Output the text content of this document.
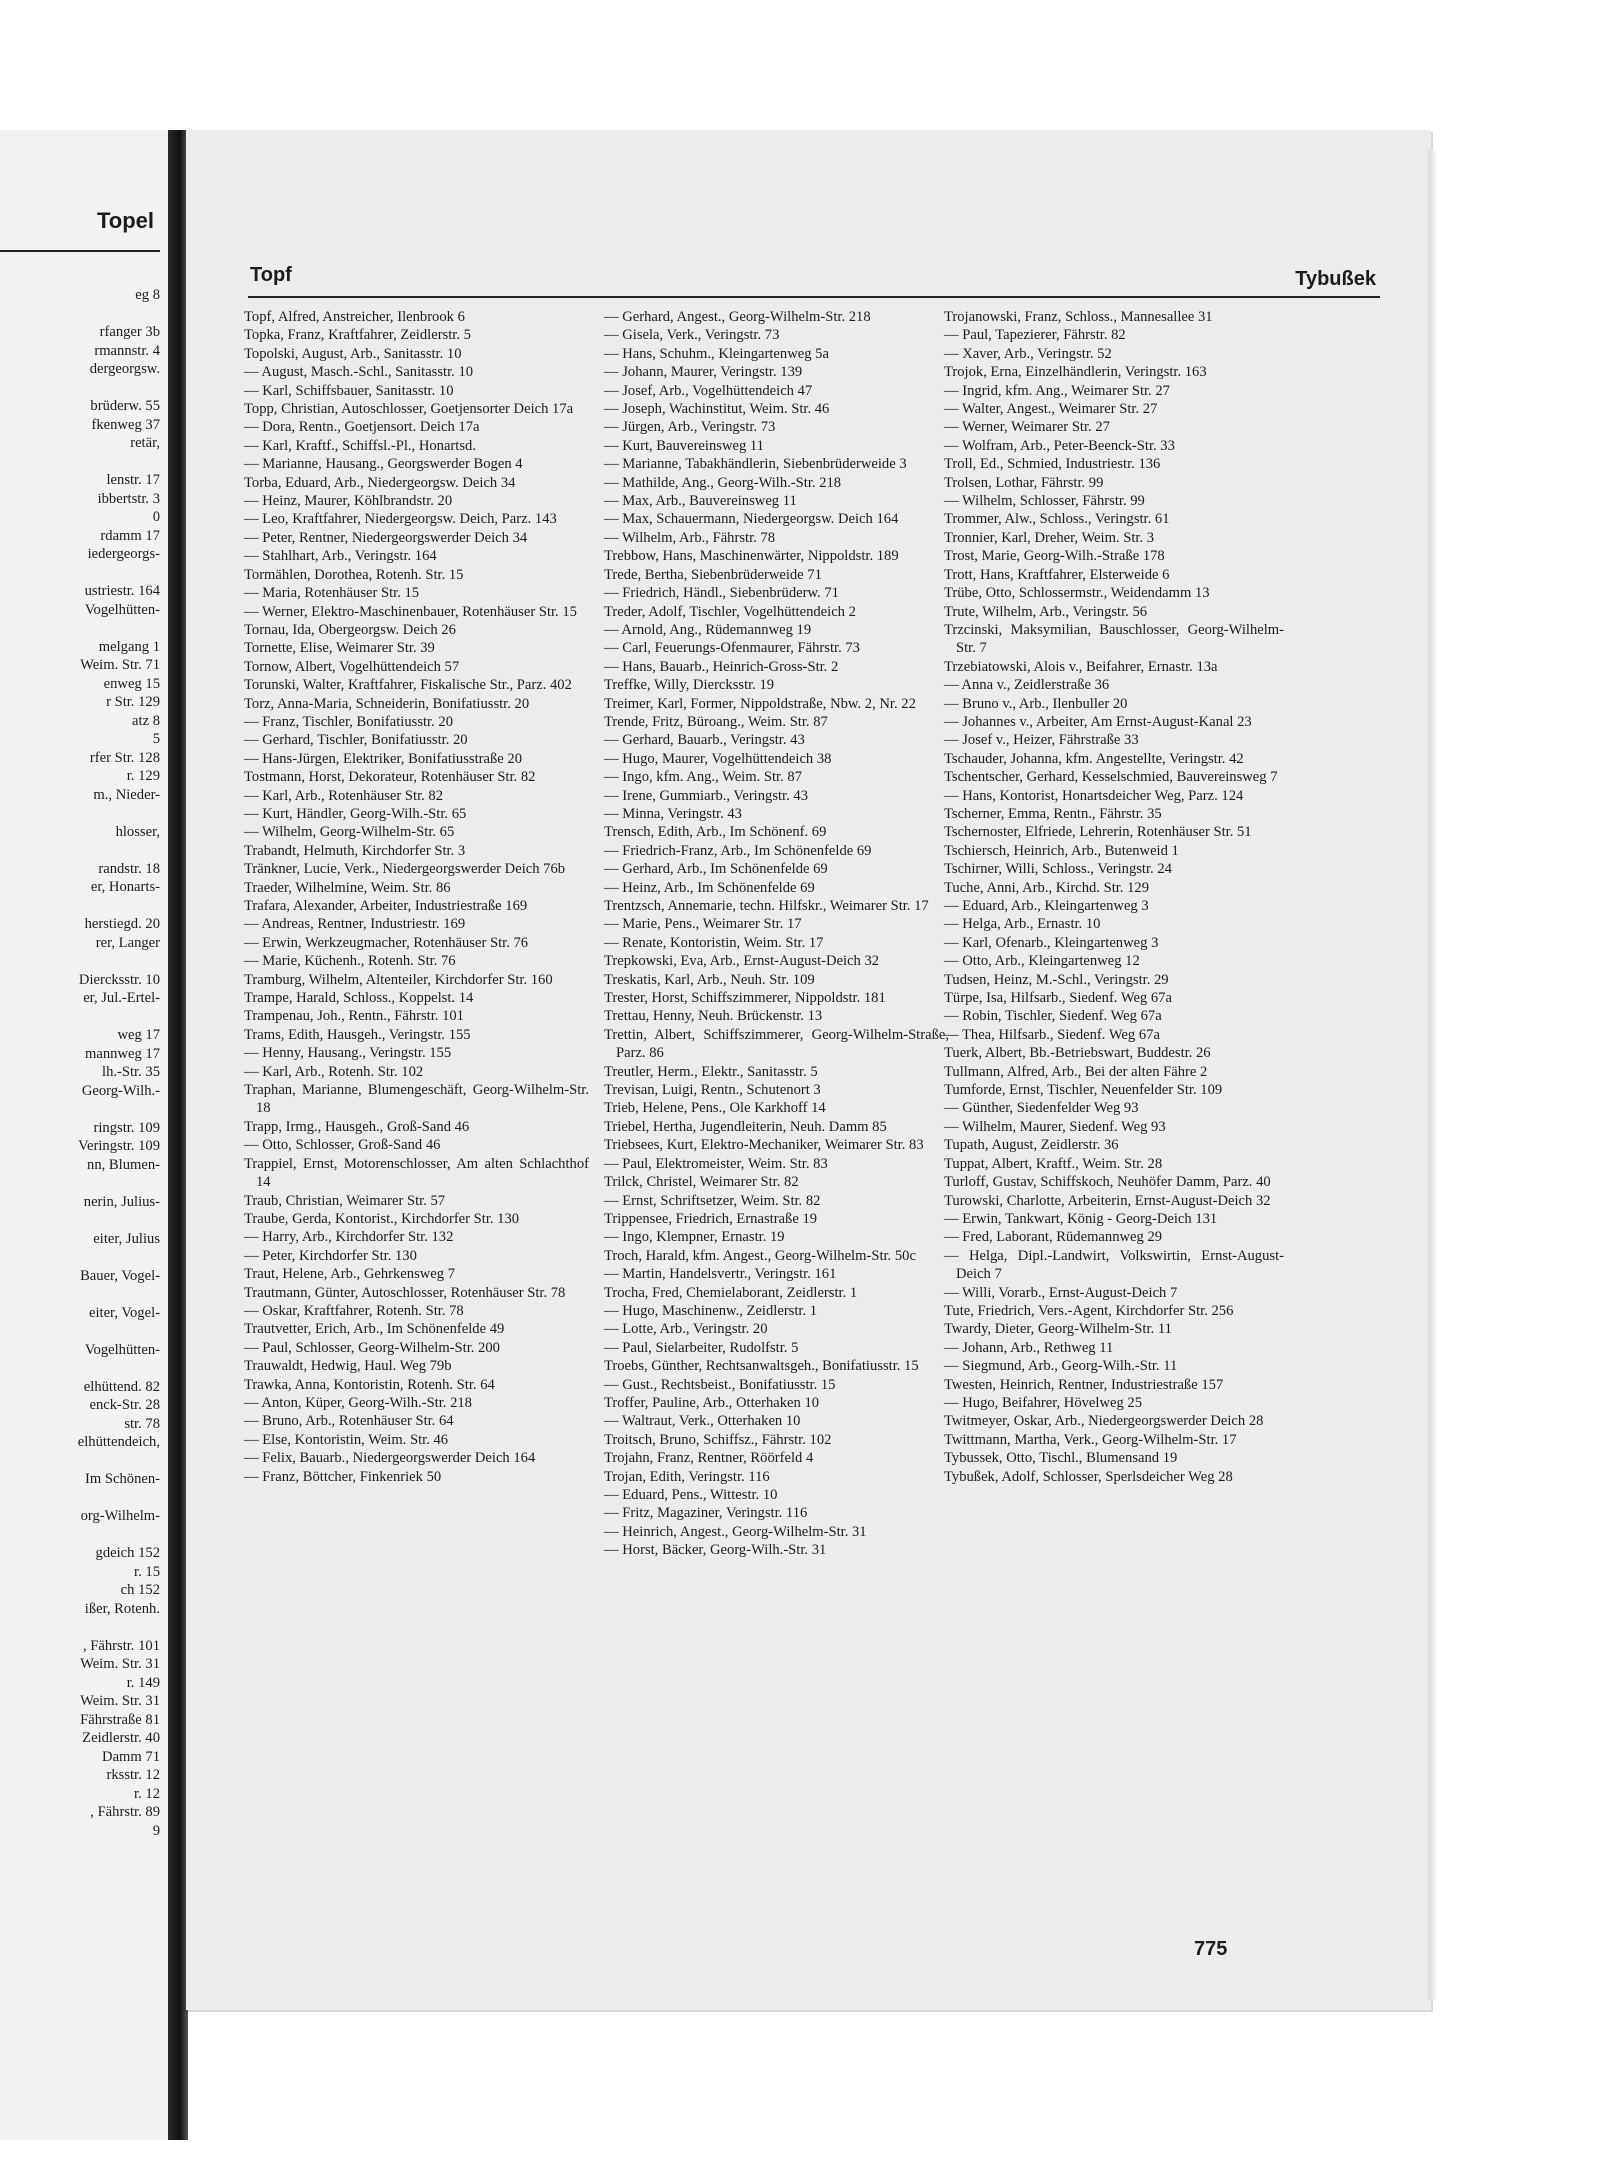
Topel
eg 8

rfanger 3b
rmannstr. 4
dergeorgsw.

brüderw. 55
fkenweg 37
retär,

lenstr. 17
ibbertstr. 3
0
rdamm 17
iedergeorgs-

ustriestr. 164
Vogelhütten-

melgang 1
Weim. Str. 71
enweg 15
r Str. 129
atz 8
5
rfer Str. 128
r. 129
m., Nieder-

hlosser,

randstr. 18
er, Honarts-

herstiegd. 20
rer, Langer

Diercksstr. 10
er, Jul.-Ertel-

weg 17
mannweg 17
lh.-Str. 35
Georg-Wilh.-

ringstr. 109
Veringstr. 109
nn, Blumen-

nerin, Julius-

eiter, Julius

Bauer, Vogel-

eiter, Vogel-

Vogelhütten-

elhüttend. 82
enck-Str. 28
str. 78
elhüttendeich,

Im Schönen-

org-Wilhelm-

gdeich 152
r. 15
ch 152
ißer, Rotenh.

, Fährstr. 101
Weim. Str. 31
r. 149
Weim. Str. 31
Fährstraße 81
Zeidlerstr. 40
Damm 71
rksstr. 12
r. 12
, Fährstr. 89
9
Topf	Tybußek
Topf, Alfred, Anstreicher, Ilenbrook 6
Topka, Franz, Kraftfahrer, Zeidlerstr. 5
Topolski, August, Arb., Sanitasstr. 10
— August, Masch.-Schl., Sanitasstr. 10
— Karl, Schiffsbauer, Sanitasstr. 10
Topp, Christian, Autoschlosser, Goetjensorter Deich 17a
— Dora, Rentn., Goetjensort. Deich 17a
— Karl, Kraftf., Schiffsl.-Pl., Honartsd.
— Marianne, Hausang., Georgswerder Bogen 4
Torba, Eduard, Arb., Niedergeorgsw. Deich 34
— Heinz, Maurer, Köhlbrandstr. 20
— Leo, Kraftfahrer, Niedergeorgsw. Deich, Parz. 143
— Peter, Rentner, Niedergeorgswerder Deich 34
— Stahlhart, Arb., Veringstr. 164
Tormählen, Dorothea, Rotenh. Str. 15
— Maria, Rotenhäuser Str. 15
— Werner, Elektro-Maschinenbauer, Rotenhäuser Str. 15
Tornau, Ida, Obergeorgsw. Deich 26
Tornette, Elise, Weimarer Str. 39
Tornow, Albert, Vogelhüttendeich 57
Torunski, Walter, Kraftfahrer, Fiskalische Str., Parz. 402
Torz, Anna-Maria, Schneiderin, Bonifatiusstr. 20
— Franz, Tischler, Bonifatiusstr. 20
— Gerhard, Tischler, Bonifatiusstr. 20
— Hans-Jürgen, Elektriker, Bonifatiusstraße 20
Tostmann, Horst, Dekorateur, Rotenhäuser Str. 82
— Karl, Arb., Rotenhäuser Str. 82
— Kurt, Händler, Georg-Wilh.-Str. 65
— Wilhelm, Georg-Wilhelm-Str. 65
Trabandt, Helmuth, Kirchdorfer Str. 3
Tränkner, Lucie, Verk., Niedergeorgswerder Deich 76b
Traeder, Wilhelmine, Weim. Str. 86
Trafara, Alexander, Arbeiter, Industriestraße 169
— Andreas, Rentner, Industriestr. 169
— Erwin, Werkzeugmacher, Rotenhäuser Str. 76
— Marie, Küchenh., Rotenh. Str. 76
Tramburg, Wilhelm, Altenteiler, Kirchdorfer Str. 160
Trampe, Harald, Schloss., Koppelst. 14
Trampenau, Joh., Rentn., Fährstr. 101
Trams, Edith, Hausgeh., Veringstr. 155
— Henny, Hausang., Veringstr. 155
— Karl, Arb., Rotenh. Str. 102
Traphan, Marianne, Blumengeschäft, Georg-Wilhelm-Str. 18
Trapp, Irmg., Hausgeh., Groß-Sand 46
— Otto, Schlosser, Groß-Sand 46
Trappiel, Ernst, Motorenschlosser, Am alten Schlachthof 14
Traub, Christian, Weimarer Str. 57
Traube, Gerda, Kontorist., Kirchdorfer Str. 130
— Harry, Arb., Kirchdorfer Str. 132
— Peter, Kirchdorfer Str. 130
Traut, Helene, Arb., Gehrkensweg 7
Trautmann, Günter, Autoschlosser, Rotenhäuser Str. 78
— Oskar, Kraftfahrer, Rotenh. Str. 78
Trautvetter, Erich, Arb., Im Schönenfelde 49
— Paul, Schlosser, Georg-Wilhelm-Str. 200
Trauwaldt, Hedwig, Haul. Weg 79b
Trawka, Anna, Kontoristin, Rotenh. Str. 64
— Anton, Küper, Georg-Wilh.-Str. 218
— Bruno, Arb., Rotenhäuser Str. 64
— Else, Kontoristin, Weim. Str. 46
— Felix, Bauarb., Niedergeorgswerder Deich 164
— Franz, Böttcher, Finkenriek 50
— Gerhard, Angest., Georg-Wilhelm-Str. 218
— Gisela, Verk., Veringstr. 73
— Hans, Schuhm., Kleingartenweg 5a
— Johann, Maurer, Veringstr. 139
— Josef, Arb., Vogelhüttendeich 47
— Joseph, Wachinstitut, Weim. Str. 46
— Jürgen, Arb., Veringstr. 73
— Kurt, Bauvereinsweg 11
— Marianne, Tabakhändlerin, Siebenbrüderweide 3
— Mathilde, Ang., Georg-Wilh.-Str. 218
— Max, Arb., Bauvereinsweg 11
— Max, Schauermann, Niedergeorgsw. Deich 164
— Wilhelm, Arb., Fährstr. 78
Trebbow, Hans, Maschinenwärter, Nippoldstr. 189
Trede, Bertha, Siebenbrüderweide 71
— Friedrich, Händl., Siebenbrüderw. 71
Treder, Adolf, Tischler, Vogelhüttendeich 2
— Arnold, Ang., Rüdemannweg 19
— Carl, Feuerungs-Ofenmaurer, Fährstr. 73
— Hans, Bauarb., Heinrich-Gross-Str. 2
Treffke, Willy, Diercksstr. 19
Treimer, Karl, Former, Nippoldstraße, Nbw. 2, Nr. 22
Trende, Fritz, Büroang., Weim. Str. 87
— Gerhard, Bauarb., Veringstr. 43
— Hugo, Maurer, Vogelhüttendeich 38
— Ingo, kfm. Ang., Weim. Str. 87
— Irene, Gummiarb., Veringstr. 43
— Minna, Veringstr. 43
Trensch, Edith, Arb., Im Schönenf. 69
— Friedrich-Franz, Arb., Im Schönenfelde 69
— Gerhard, Arb., Im Schönenfelde 69
— Heinz, Arb., Im Schönenfelde 69
Trentzsch, Annemarie, techn. Hilfskr., Weimarer Str. 17
— Marie, Pens., Weimarer Str. 17
— Renate, Kontoristin, Weim. Str. 17
Trepkowski, Eva, Arb., Ernst-August-Deich 32
Treskatis, Karl, Arb., Neuh. Str. 109
Trester, Horst, Schiffszimmerer, Nippoldstr. 181
Trettau, Henny, Neuh. Brückenstr. 13
Trettin, Albert, Schiffszimmerer, Georg-Wilhelm-Straße, Parz. 86
Treutler, Herm., Elektr., Sanitasstr. 5
Trevisan, Luigi, Rentn., Schutenort 3
Trieb, Helene, Pens., Ole Karkhoff 14
Triebel, Hertha, Jugendleiterin, Neuh. Damm 85
Triebsees, Kurt, Elektro-Mechaniker, Weimarer Str. 83
— Paul, Elektromeister, Weim. Str. 83
Trilck, Christel, Weimarer Str. 82
— Ernst, Schriftsetzer, Weim. Str. 82
Trippensee, Friedrich, Ernastraße 19
— Ingo, Klempner, Ernastr. 19
Troch, Harald, kfm. Angest., Georg-Wilhelm-Str. 50c
— Martin, Handelsvertr., Veringstr. 161
Trocha, Fred, Chemielaborant, Zeidlerstr. 1
— Hugo, Maschinenw., Zeidlerstr. 1
— Lotte, Arb., Veringstr. 20
— Paul, Sielarbeiter, Rudolfstr. 5
Troebs, Günther, Rechtsanwaltsgeh., Bonifatiusstr. 15
— Gust., Rechtsbeist., Bonifatiusstr. 15
Troffer, Pauline, Arb., Otterhaken 10
— Waltraut, Verk., Otterhaken 10
Troitsch, Bruno, Schiffsz., Fährstr. 102
Trojahn, Franz, Rentner, Röörfeld 4
Trojan, Edith, Veringstr. 116
— Eduard, Pens., Wittestr. 10
— Fritz, Magaziner, Veringstr. 116
— Heinrich, Angest., Georg-Wilhelm-Str. 31
— Horst, Bäcker, Georg-Wilh.-Str. 31
Trojanowski, Franz, Schloss., Mannesallee 31
— Paul, Tapezierer, Fährstr. 82
— Xaver, Arb., Veringstr. 52
Trojok, Erna, Einzelhändlerin, Veringstr. 163
— Ingrid, kfm. Ang., Weimarer Str. 27
— Walter, Angest., Weimarer Str. 27
— Werner, Weimarer Str. 27
— Wolfram, Arb., Peter-Beenck-Str. 33
Troll, Ed., Schmied, Industriestr. 136
Trolsen, Lothar, Fährstr. 99
— Wilhelm, Schlosser, Fährstr. 99
Trommer, Alw., Schloss., Veringstr. 61
Tronnier, Karl, Dreher, Weim. Str. 3
Trost, Marie, Georg-Wilh.-Straße 178
Trott, Hans, Kraftfahrer, Elsterweide 6
Trübe, Otto, Schlossermstr., Weidendamm 13
Trute, Wilhelm, Arb., Veringstr. 56
Trzcinski, Maksymilian, Bauschlosser, Georg-Wilhelm-Str. 7
Trzebiatowski, Alois v., Beifahrer, Ernastr. 13a
— Anna v., Zeidlerstraße 36
— Bruno v., Arb., Ilenbuller 20
— Johannes v., Arbeiter, Am Ernst-August-Kanal 23
— Josef v., Heizer, Fährstraße 33
Tschauder, Johanna, kfm. Angestellte, Veringstr. 42
Tschentscher, Gerhard, Kesselschmied, Bauvereinsweg 7
— Hans, Kontorist, Honartsdeicher Weg, Parz. 124
Tscherner, Emma, Rentn., Fährstr. 35
Tschernoster, Elfriede, Lehrerin, Rotenhäuser Str. 51
Tschiersch, Heinrich, Arb., Butenweid 1
Tschirner, Willi, Schloss., Veringstr. 24
Tuche, Anni, Arb., Kirchd. Str. 129
— Eduard, Arb., Kleingartenweg 3
— Helga, Arb., Ernastr. 10
— Karl, Ofenarb., Kleingartenweg 3
— Otto, Arb., Kleingartenweg 12
Tudsen, Heinz, M.-Schl., Veringstr. 29
Türpe, Isa, Hilfsarb., Siedenf. Weg 67a
— Robin, Tischler, Siedenf. Weg 67a
— Thea, Hilfsarb., Siedenf. Weg 67a
Tuerk, Albert, Bb.-Betriebswart, Buddestr. 26
Tullmann, Alfred, Arb., Bei der alten Fähre 2
Tumforde, Ernst, Tischler, Neuenfelder Str. 109
— Günther, Siedenfelder Weg 93
— Wilhelm, Maurer, Siedenf. Weg 93
Tupath, August, Zeidlerstr. 36
Tuppat, Albert, Kraftf., Weim. Str. 28
Turloff, Gustav, Schiffskoch, Neuhöfer Damm, Parz. 40
Turowski, Charlotte, Arbeiterin, Ernst-August-Deich 32
— Erwin, Tankwart, König - Georg-Deich 131
— Fred, Laborant, Rüdemannweg 29
— Helga, Dipl.-Landwirt, Volkswirtin, Ernst-August-Deich 7
— Willi, Vorarb., Ernst-August-Deich 7
Tute, Friedrich, Vers.-Agent, Kirchdorfer Str. 256
Twardy, Dieter, Georg-Wilhelm-Str. 11
— Johann, Arb., Rethweg 11
— Siegmund, Arb., Georg-Wilh.-Str. 11
Twesten, Heinrich, Rentner, Industriestraße 157
— Hugo, Beifahrer, Hövelweg 25
Twitmeyer, Oskar, Arb., Niedergeorgswerder Deich 28
Twittmann, Martha, Verk., Georg-Wilhelm-Str. 17
Tybussek, Otto, Tischl., Blumensand 19
Tybußek, Adolf, Schlosser, Sperlsdeicher Weg 28
775
